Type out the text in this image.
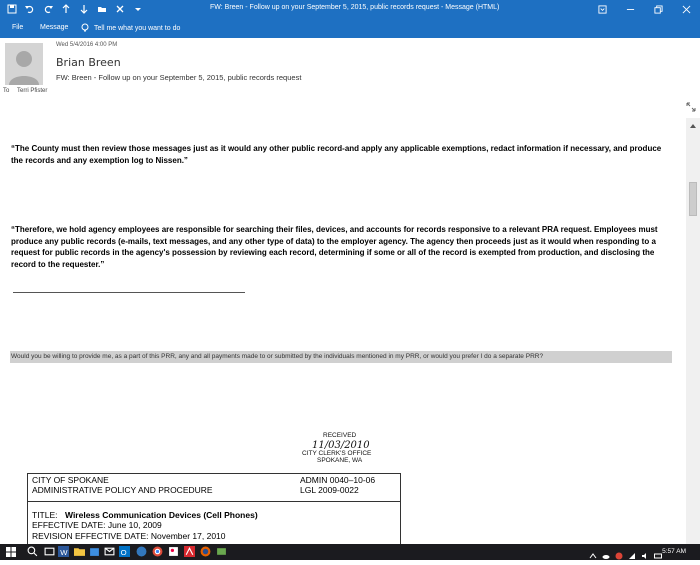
FW: Breen - Follow up on your September 5, 2015, public records request - Message (HTML)
File Message	Tell me what you want to do
Wed 5/4/2016 4:00 PM
Brian Breen
FW: Breen - Follow up on your September 5, 2015, public records request
To Terri Pfister
“The County must then review those messages just as it would any other public record-and apply any applicable exemptions, redact information if necessary, and produce the records and any exemption log to Nissen.”
“Therefore, we hold agency employees are responsible for searching their files, devices, and accounts for records responsive to a relevant PRA request. Employees must produce any public records (e-mails, text messages, and any other type of data) to the employer agency. The agency then proceeds just as it would when responding to a request for public records in the agency's possession by reviewing each record, determining if some or all of the record is exempted from production, and disclosing the record to the requester.”
Would you be willing to provide me, as a part of this PRR, any and all payments made to or submitted by the individuals mentioned in my PRR, or would you prefer I do a separate PRR?
RECEIVED
11/03/2010
CITY CLERK'S OFFICE
SPOKANE, WA
CITY OF SPOKANE	ADMIN 0040–10-06
ADMINISTRATIVE POLICY AND PROCEDURE	LGL 2009-0022
TITLE: Wireless Communication Devices (Cell Phones)
EFFECTIVE DATE: June 10, 2009
REVISION EFFECTIVE DATE: November 17, 2010
W	O	5:57 AM
